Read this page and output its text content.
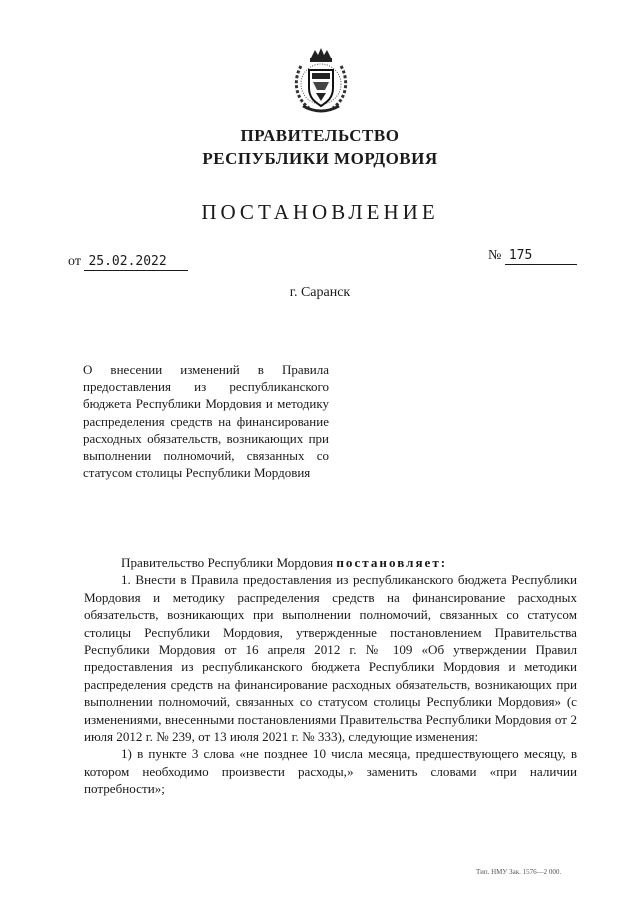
ПРАВИТЕЛЬСТВО
РЕСПУБЛИКИ МОРДОВИЯ
ПОСТАНОВЛЕНИЕ
от 25.02.2022	№ 175
г. Саранск
О внесении изменений в Правила предоставления из республиканского бюджета Республики Мордовия и методику распределения средств на финансирование расходных обязательств, возникающих при выполнении полномочий, связанных со статусом столицы Республики Мордовия

Правительство Республики Мордовия постановляет:

1. Внести в Правила предоставления из республиканского бюджета Республики Мордовия и методику распределения средств на финансирование расходных обязательств, возникающих при выполнении полномочий, связанных со статусом столицы Республики Мордовия, утвержденные постановлением Правительства Республики Мордовия от 16 апреля 2012 г. № 109 «Об утверждении Правил предоставления из республиканского бюджета Республики Мордовия и методики распределения средств на финансирование расходных обязательств, возникающих при выполнении полномочий, связанных со статусом столицы Республики Мордовия» (с изменениями, внесенными постановлениями Правительства Республики Мордовия от 2 июля 2012 г. № 239, от 13 июля 2021 г. № 333), следующие изменения:

1) в пункте 3 слова «не позднее 10 числа месяца, предшествующего месяцу, в котором необходимо произвести расходы,» заменить словами «при наличии потребности»;

Тип. НМУ Зак. 1576—2 000.
